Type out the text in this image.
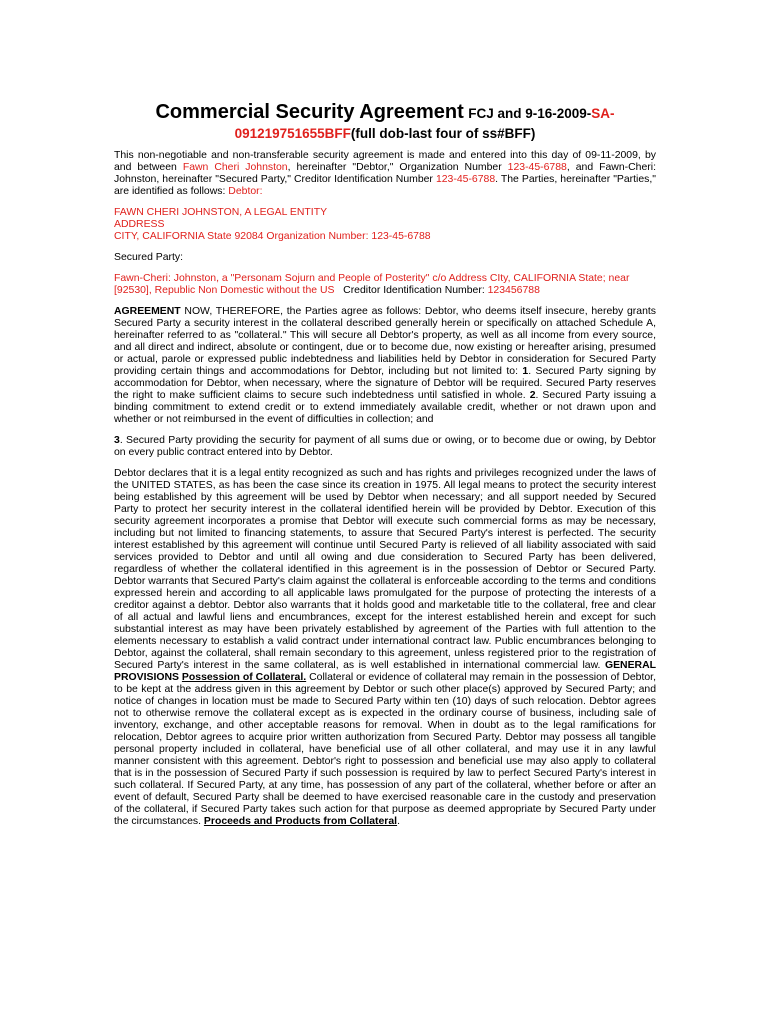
Commercial Security Agreement FCJ and 9-16-2009-SA-
091219751655BFF(full dob-last four of ss#BFF)

This non-negotiable and non-transferable security agreement is made and entered into this day of 09-11-2009, by and between Fawn Cheri Johnston, hereinafter "Debtor," Organization Number 123-45-6788, and Fawn-Cheri: Johnston, hereinafter "Secured Party," Creditor Identification Number 123-45-6788. The Parties, hereinafter "Parties," are identified as follows: Debtor:

FAWN CHERI JOHNSTON, A LEGAL ENTITY
ADDRESS
CITY, CALIFORNIA State 92084 Organization Number: 123-45-6788

Secured Party:

Fawn-Cheri: Johnston, a "Personam Sojurn and People of Posterity" c/o Address CIty, CALIFORNIA State; near [92530], Republic Non Domestic without the US   Creditor Identification Number: 123456788

AGREEMENT NOW, THEREFORE, the Parties agree as follows: Debtor, who deems itself insecure, hereby grants Secured Party a security interest in the collateral described generally herein or specifically on attached Schedule A, hereinafter referred to as "collateral." This will secure all Debtor's property, as well as all income from every source, and all direct and indirect, absolute or contingent, due or to become due, now existing or hereafter arising, presumed or actual, parole or expressed public indebtedness and liabilities held by Debtor in consideration for Secured Party providing certain things and accommodations for Debtor, including but not limited to: 1. Secured Party signing by accommodation for Debtor, when necessary, where the signature of Debtor will be required. Secured Party reserves the right to make sufficient claims to secure such indebtedness until satisfied in whole. 2. Secured Party issuing a binding commitment to extend credit or to extend immediately available credit, whether or not drawn upon and whether or not reimbursed in the event of difficulties in collection; and

3. Secured Party providing the security for payment of all sums due or owing, or to become due or owing, by Debtor on every public contract entered into by Debtor.

Debtor declares that it is a legal entity recognized as such and has rights and privileges recognized under the laws of the UNITED STATES, as has been the case since its creation in 1975. All legal means to protect the security interest being established by this agreement will be used by Debtor when necessary; and all support needed by Secured Party to protect her security interest in the collateral identified herein will be provided by Debtor. Execution of this security agreement incorporates a promise that Debtor will execute such commercial forms as may be necessary, including but not limited to financing statements, to assure that Secured Party's interest is perfected. The security interest established by this agreement will continue until Secured Party is relieved of all liability associated with said services provided to Debtor and until all owing and due consideration to Secured Party has been delivered, regardless of whether the collateral identified in this agreement is in the possession of Debtor or Secured Party. Debtor warrants that Secured Party's claim against the collateral is enforceable according to the terms and conditions expressed herein and according to all applicable laws promulgated for the purpose of protecting the interests of a creditor against a debtor. Debtor also warrants that it holds good and marketable title to the collateral, free and clear of all actual and lawful liens and encumbrances, except for the interest established herein and except for such substantial interest as may have been privately established by agreement of the Parties with full attention to the elements necessary to establish a valid contract under international contract law. Public encumbrances belonging to Debtor, against the collateral, shall remain secondary to this agreement, unless registered prior to the registration of Secured Party's interest in the same collateral, as is well established in international commercial law. GENERAL PROVISIONS Possession of Collateral. Collateral or evidence of collateral may remain in the possession of Debtor, to be kept at the address given in this agreement by Debtor or such other place(s) approved by Secured Party; and notice of changes in location must be made to Secured Party within ten (10) days of such relocation. Debtor agrees not to otherwise remove the collateral except as is expected in the ordinary course of business, including sale of inventory, exchange, and other acceptable reasons for removal. When in doubt as to the legal ramifications for relocation, Debtor agrees to acquire prior written authorization from Secured Party. Debtor may possess all tangible personal property included in collateral, have beneficial use of all other collateral, and may use it in any lawful manner consistent with this agreement. Debtor's right to possession and beneficial use may also apply to collateral that is in the possession of Secured Party if such possession is required by law to perfect Secured Party's interest in such collateral. If Secured Party, at any time, has possession of any part of the collateral, whether before or after an event of default, Secured Party shall be deemed to have exercised reasonable care in the custody and preservation of the collateral, if Secured Party takes such action for that purpose as deemed appropriate by Secured Party under the circumstances. Proceeds and Products from Collateral.
